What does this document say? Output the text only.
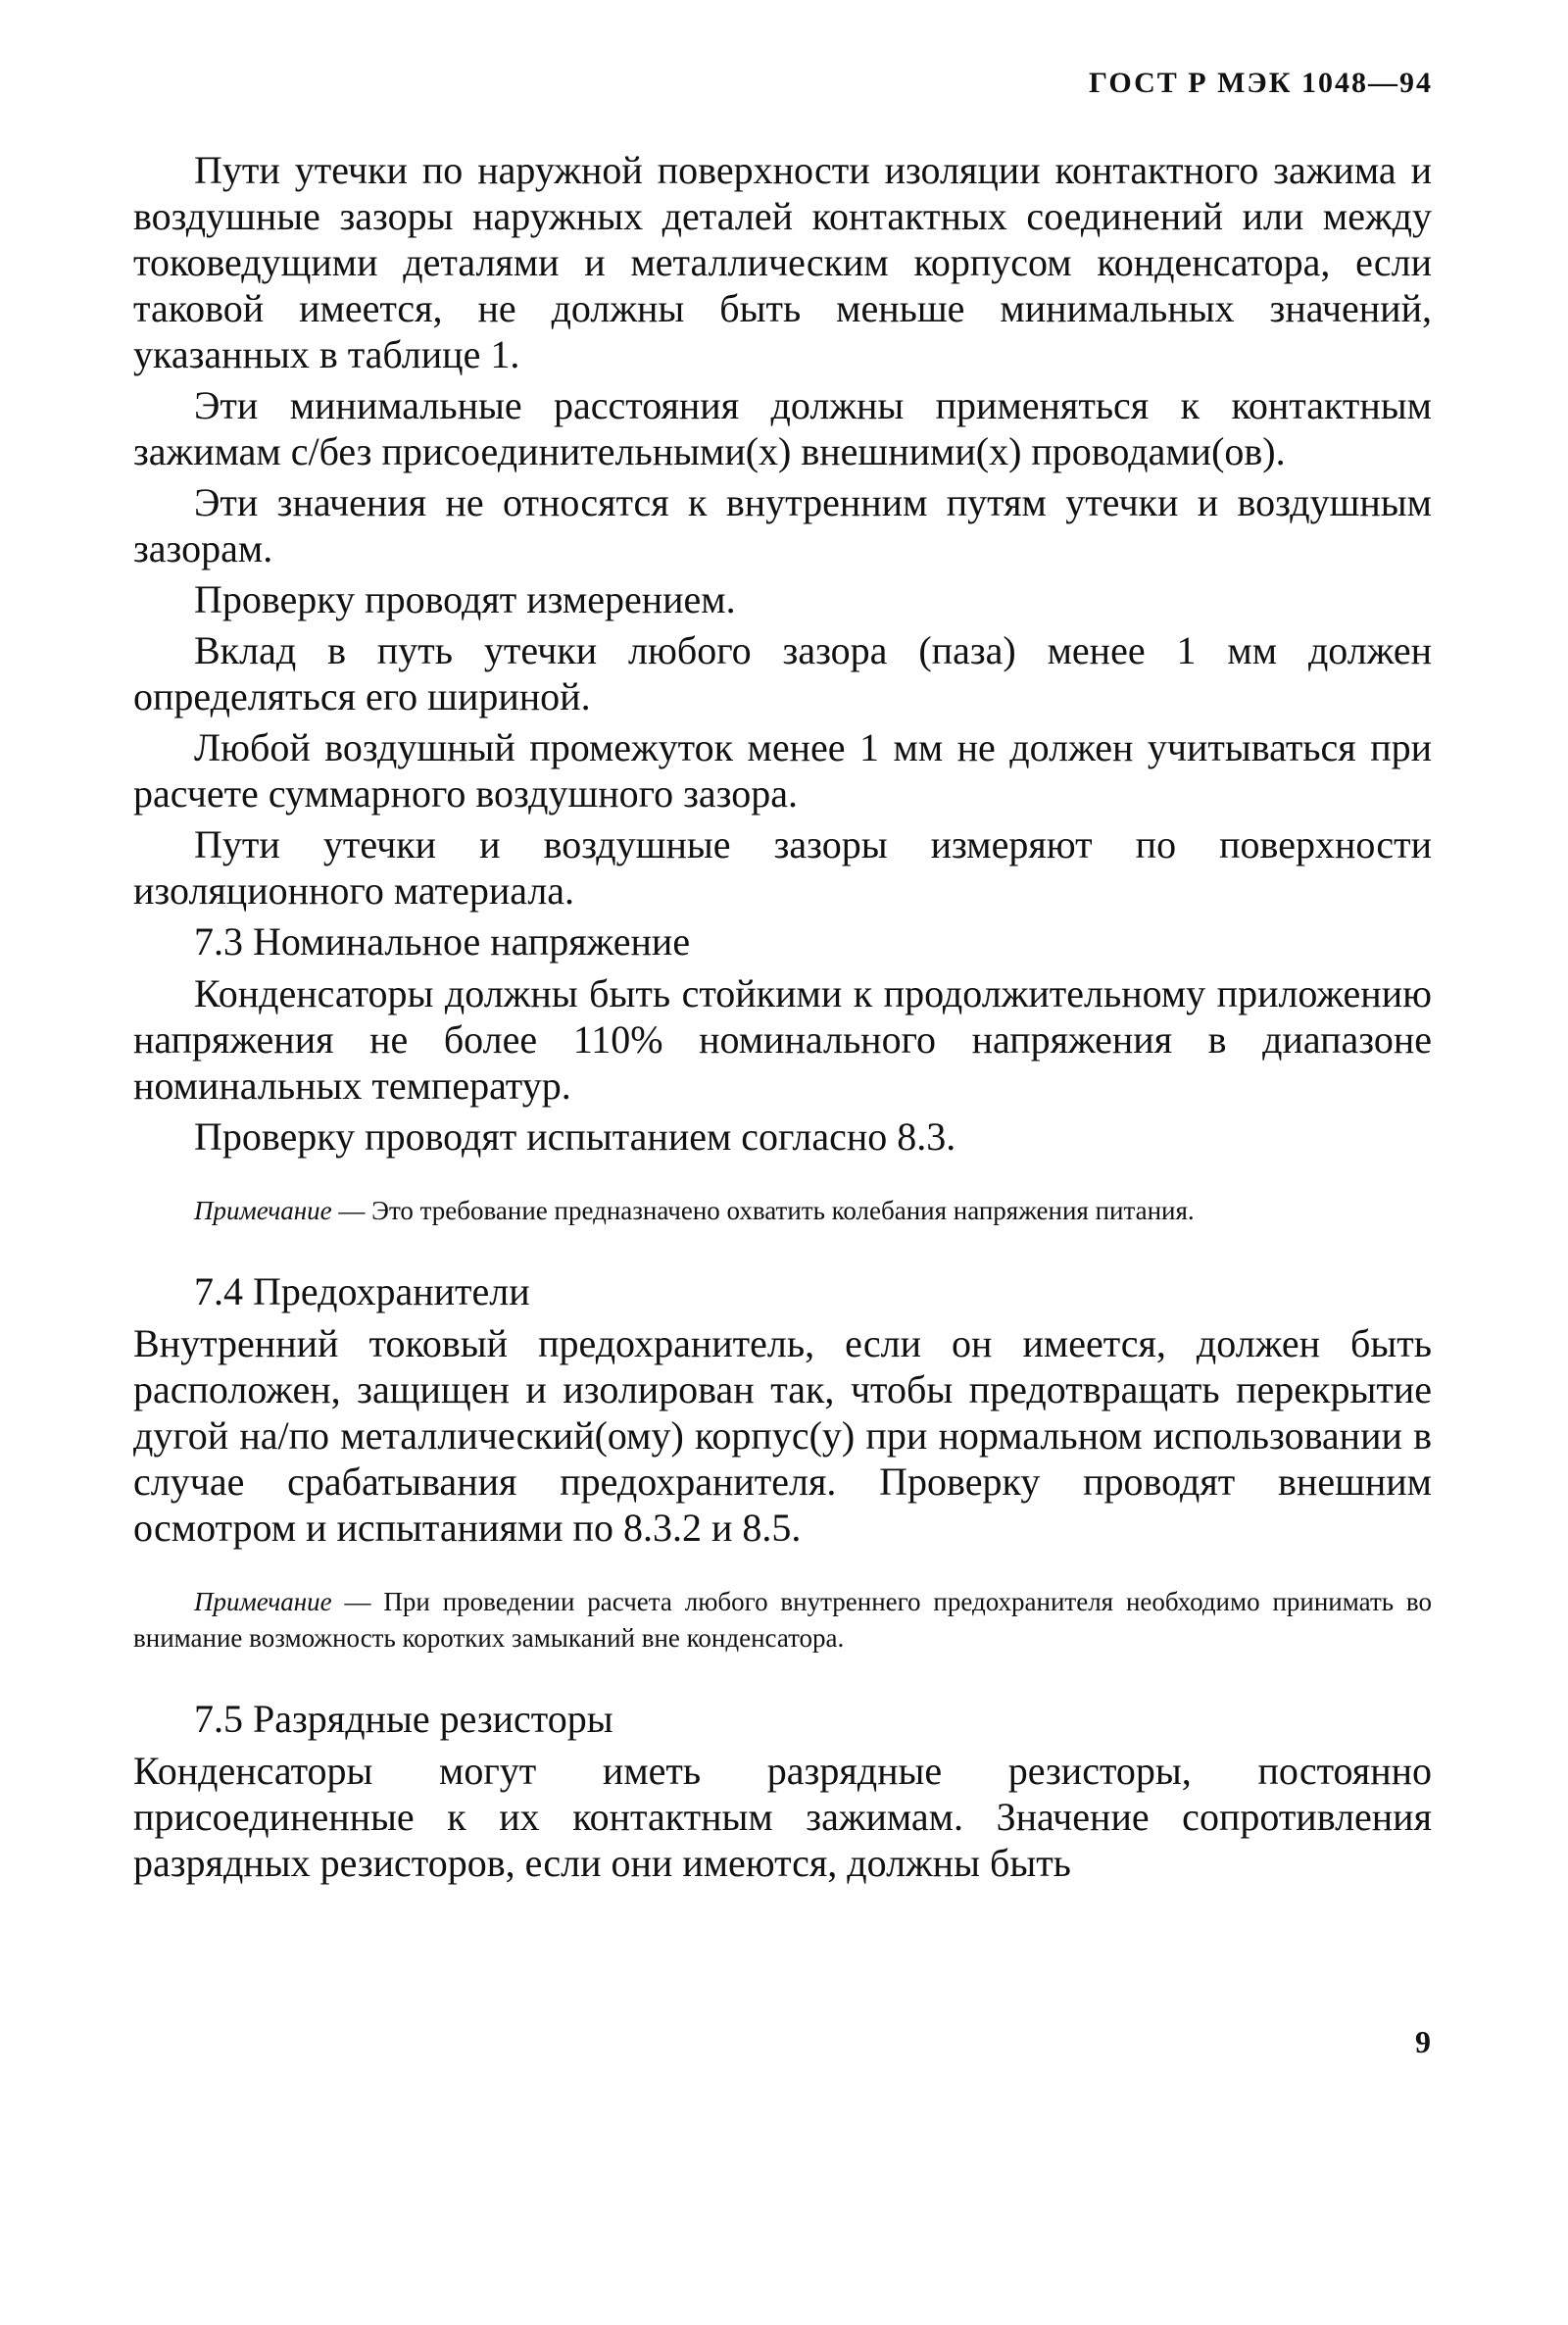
ГОСТ Р МЭК 1048—94

Пути утечки по наружной поверхности изоляции контактного зажима и воздушные зазоры наружных деталей контактных соединений или между токоведущими деталями и металлическим корпусом конденсатора, если таковой имеется, не должны быть меньше минимальных значений, указанных в таблице 1.

Эти минимальные расстояния должны применяться к контактным зажимам с/без присоединительными(х) внешними(х) проводами(ов).

Эти значения не относятся к внутренним путям утечки и воздушным зазорам.

Проверку проводят измерением.

Вклад в путь утечки любого зазора (паза) менее 1 мм должен определяться его шириной.

Любой воздушный промежуток менее 1 мм не должен учитываться при расчете суммарного воздушного зазора.

Пути утечки и воздушные зазоры измеряют по поверхности изоляционного материала.

7.3 Номинальное напряжение

Конденсаторы должны быть стойкими к продолжительному приложению напряжения не более 110% номинального напряжения в диапазоне номинальных температур.

Проверку проводят испытанием согласно 8.3.

Примечание — Это требование предназначено охватить колебания напряжения питания.

7.4 Предохранители

Внутренний токовый предохранитель, если он имеется, должен быть расположен, защищен и изолирован так, чтобы предотвращать перекрытие дугой на/по металлический(ому) корпус(у) при нормальном использовании в случае срабатывания предохранителя. Проверку проводят внешним осмотром и испытаниями по 8.3.2 и 8.5.

Примечание — При проведении расчета любого внутреннего предохранителя необходимо принимать во внимание возможность коротких замыканий вне конденсатора.

7.5 Разрядные резисторы

Конденсаторы могут иметь разрядные резисторы, постоянно присоединенные к их контактным зажимам. Значение сопротивления разрядных резисторов, если они имеются, должны быть

9
